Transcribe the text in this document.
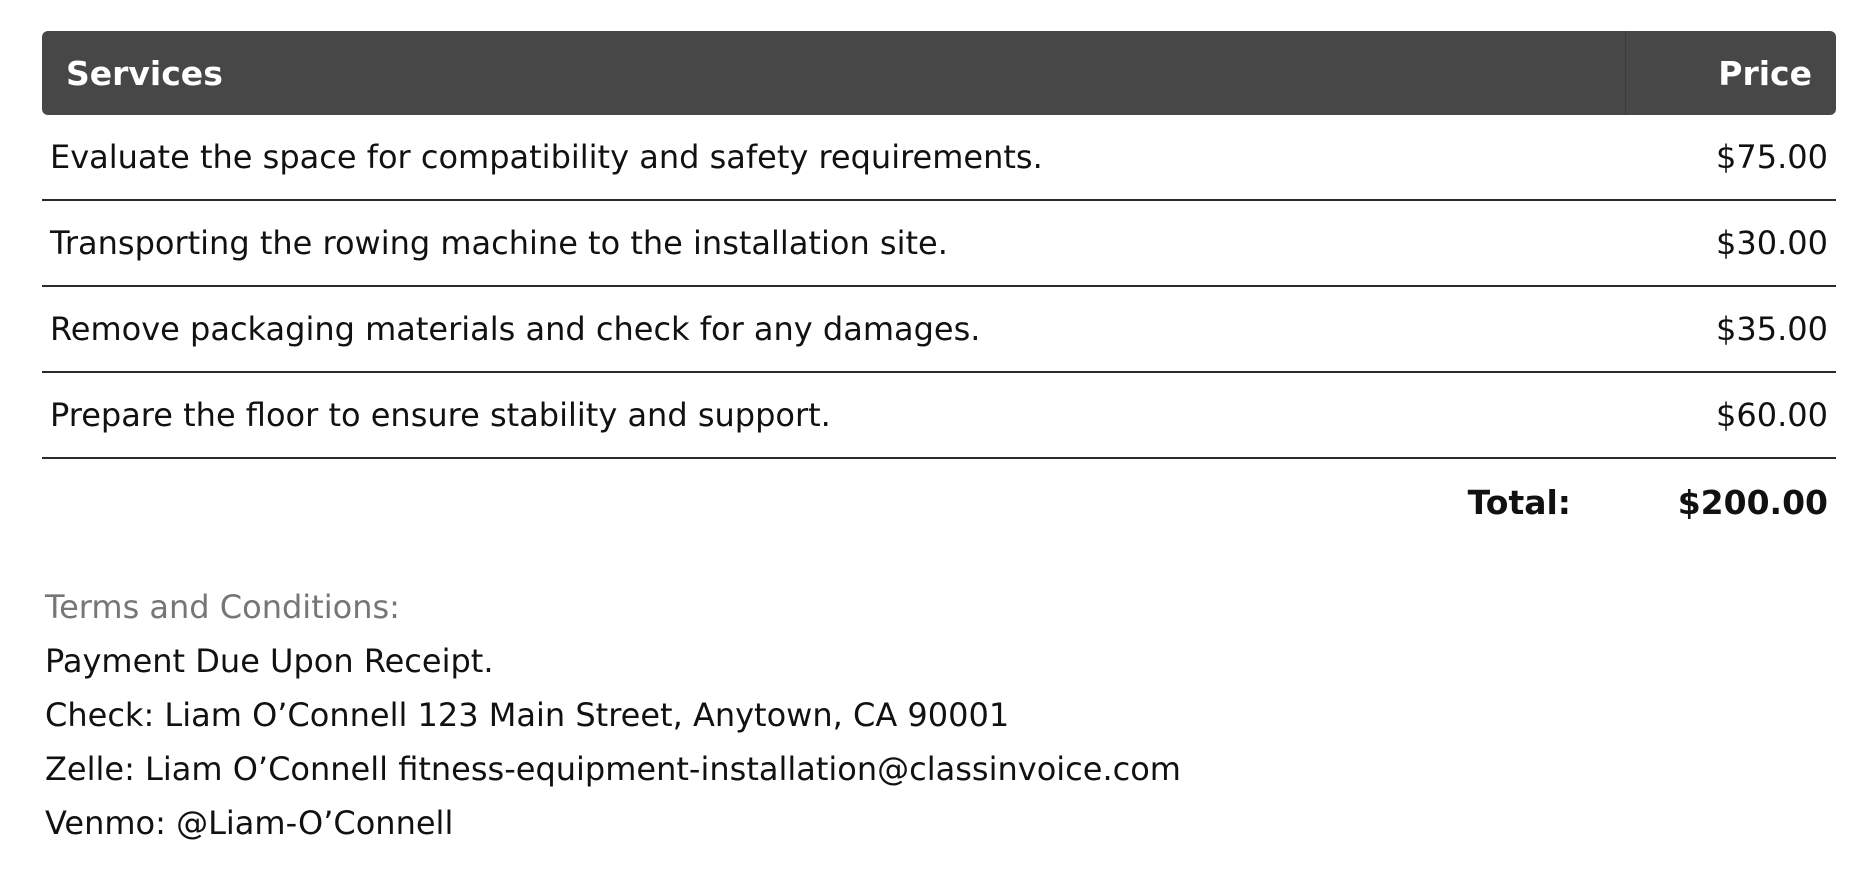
Services	Price
Evaluate the space for compatibility and safety requirements.	$75.00
Transporting the rowing machine to the installation site.	$30.00
Remove packaging materials and check for any damages.	$35.00
Prepare the floor to ensure stability and support.	$60.00
Total:	$200.00
Terms and Conditions:
Payment Due Upon Receipt.
Check: Liam O’Connell 123 Main Street, Anytown, CA 90001
Zelle: Liam O’Connell fitness-equipment-installation@classinvoice.com
Venmo: @Liam-O’Connell
